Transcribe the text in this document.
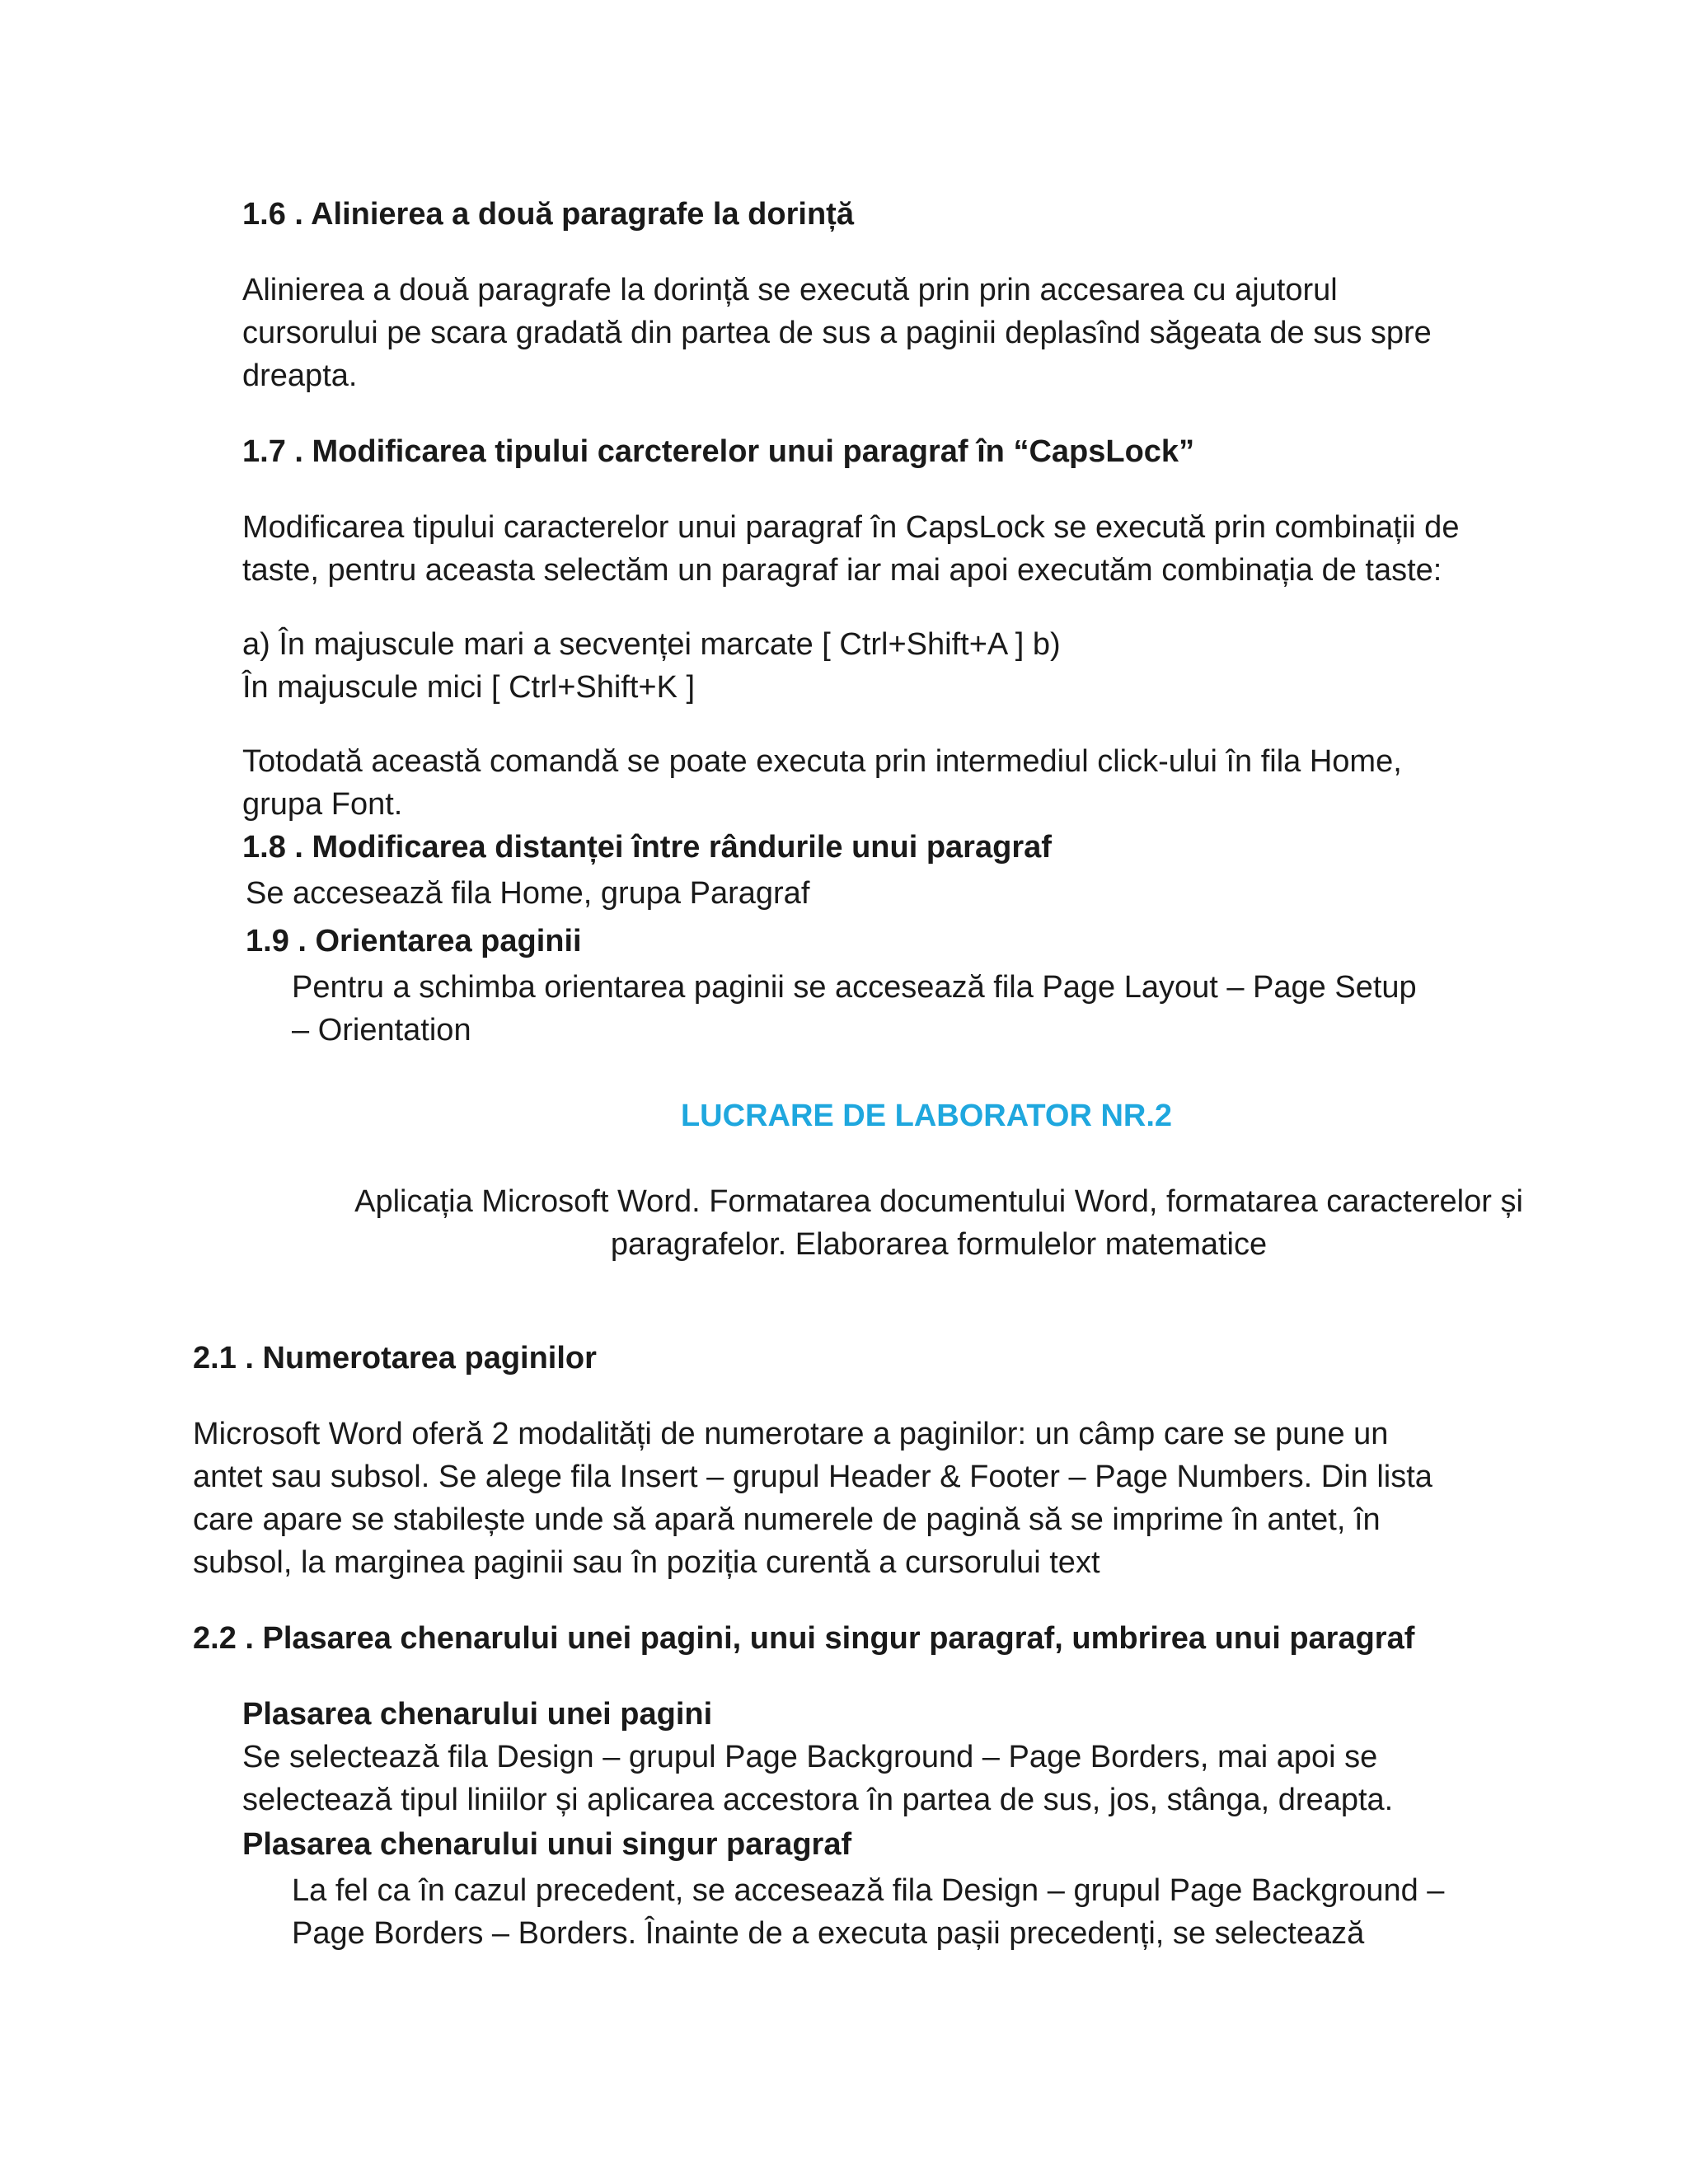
1.6 . Alinierea a două paragrafe la dorință

Alinierea a două paragrafe la dorință se execută prin prin accesarea cu ajutorul

cursorului pe scara gradată din partea de sus a paginii deplasînd săgeata de sus spre

dreapta.

1.7 . Modificarea tipului carcterelor unui paragraf în “CapsLock”

Modificarea tipului caracterelor unui paragraf în CapsLock se execută prin combinații de

taste, pentru aceasta selectăm un paragraf iar mai apoi executăm combinația de taste:

a) În majuscule mari a secvenței marcate [ Ctrl+Shift+A ] b)

În majuscule mici [ Ctrl+Shift+K ]

Totodată această comandă se poate executa prin intermediul click-ului în fila Home,

grupa Font.

1.8 . Modificarea distanței între rândurile unui paragraf

Se accesează fila Home, grupa Paragraf

1.9 . Orientarea paginii

Pentru a schimba orientarea paginii se accesează fila Page Layout – Page Setup

– Orientation

LUCRARE DE LABORATOR NR.2

Aplicația Microsoft Word. Formatarea documentului Word, formatarea caracterelor și

paragrafelor. Elaborarea formulelor matematice

2.1 . Numerotarea paginilor

Microsoft Word oferă 2 modalități de numerotare a paginilor: un câmp care se pune un

antet sau subsol. Se alege fila Insert – grupul Header & Footer – Page Numbers. Din lista

care apare se stabilește unde să apară numerele de pagină să se imprime în antet, în

subsol, la marginea paginii sau în poziția curentă a cursorului text

2.2 . Plasarea chenarului unei pagini, unui singur paragraf, umbrirea unui paragraf
Plasarea chenarului unei pagini

Se selectează fila Design – grupul Page Background – Page Borders, mai apoi se

selectează tipul liniilor și aplicarea accestora în partea de sus, jos, stânga, dreapta.

Plasarea chenarului unui singur paragraf

La fel ca în cazul precedent, se accesează fila Design – grupul Page Background –

Page Borders – Borders. Înainte de a executa pașii precedenți, se selectează
